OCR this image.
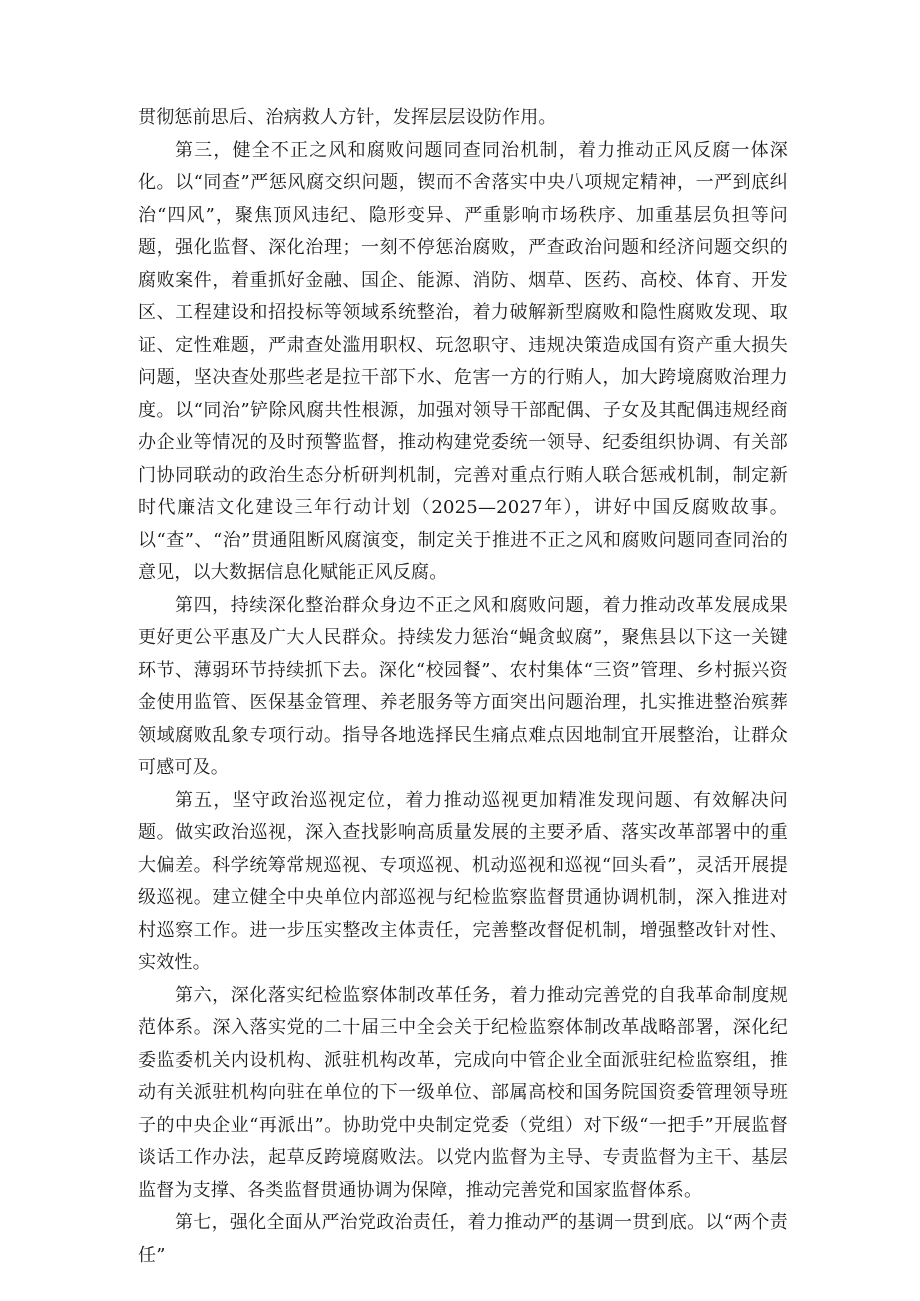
贯彻惩前思后、治病救人方针，发挥层层设防作用。

第三，健全不正之风和腐败问题同查同治机制，着力推动正风反腐一体深化。以“同查”严惩风腐交织问题，锲而不舍落实中央八项规定精神，一严到底纠治“四风”，聚焦顶风违纪、隐形变异、严重影响市场秩序、加重基层负担等问题，强化监督、深化治理；一刻不停惩治腐败，严查政治问题和经济问题交织的腐败案件，着重抓好金融、国企、能源、消防、烟草、医药、高校、体育、开发区、工程建设和招投标等领域系统整治，着力破解新型腐败和隐性腐败发现、取证、定性难题，严肃查处滥用职权、玩忽职守、违规决策造成国有资产重大损失问题，坚决查处那些老是拉干部下水、危害一方的行贿人，加大跨境腐败治理力度。以“同治”铲除风腐共性根源，加强对领导干部配偶、子女及其配偶违规经商办企业等情况的及时预警监督，推动构建党委统一领导、纪委组织协调、有关部门协同联动的政治生态分析研判机制，完善对重点行贿人联合惩戒机制，制定新时代廉洁文化建设三年行动计划（2025—2027年），讲好中国反腐败故事。以“查”、“治”贯通阻断风腐演变，制定关于推进不正之风和腐败问题同查同治的意见，以大数据信息化赋能正风反腐。

第四，持续深化整治群众身边不正之风和腐败问题，着力推动改革发展成果更好更公平惠及广大人民群众。持续发力惩治“蝇贪蚁腐”，聚焦县以下这一关键环节、薄弱环节持续抓下去。深化“校园餐”、农村集体“三资”管理、乡村振兴资金使用监管、医保基金管理、养老服务等方面突出问题治理，扎实推进整治殡葬领域腐败乱象专项行动。指导各地选择民生痛点难点因地制宜开展整治，让群众可感可及。

第五，坚守政治巡视定位，着力推动巡视更加精准发现问题、有效解决问题。做实政治巡视，深入查找影响高质量发展的主要矛盾、落实改革部署中的重大偏差。科学统筹常规巡视、专项巡视、机动巡视和巡视“回头看”，灵活开展提级巡视。建立健全中央单位内部巡视与纪检监察监督贯通协调机制，深入推进对村巡察工作。进一步压实整改主体责任，完善整改督促机制，增强整改针对性、实效性。

第六，深化落实纪检监察体制改革任务，着力推动完善党的自我革命制度规范体系。深入落实党的二十届三中全会关于纪检监察体制改革战略部署，深化纪委监委机关内设机构、派驻机构改革，完成向中管企业全面派驻纪检监察组，推动有关派驻机构向驻在单位的下一级单位、部属高校和国务院国资委管理领导班子的中央企业“再派出”。协助党中央制定党委（党组）对下级“一把手”开展监督谈话工作办法，起草反跨境腐败法。以党内监督为主导、专责监督为主干、基层监督为支撑、各类监督贯通协调为保障，推动完善党和国家监督体系。

第七，强化全面从严治党政治责任，着力推动严的基调一贯到底。以“两个责任”
